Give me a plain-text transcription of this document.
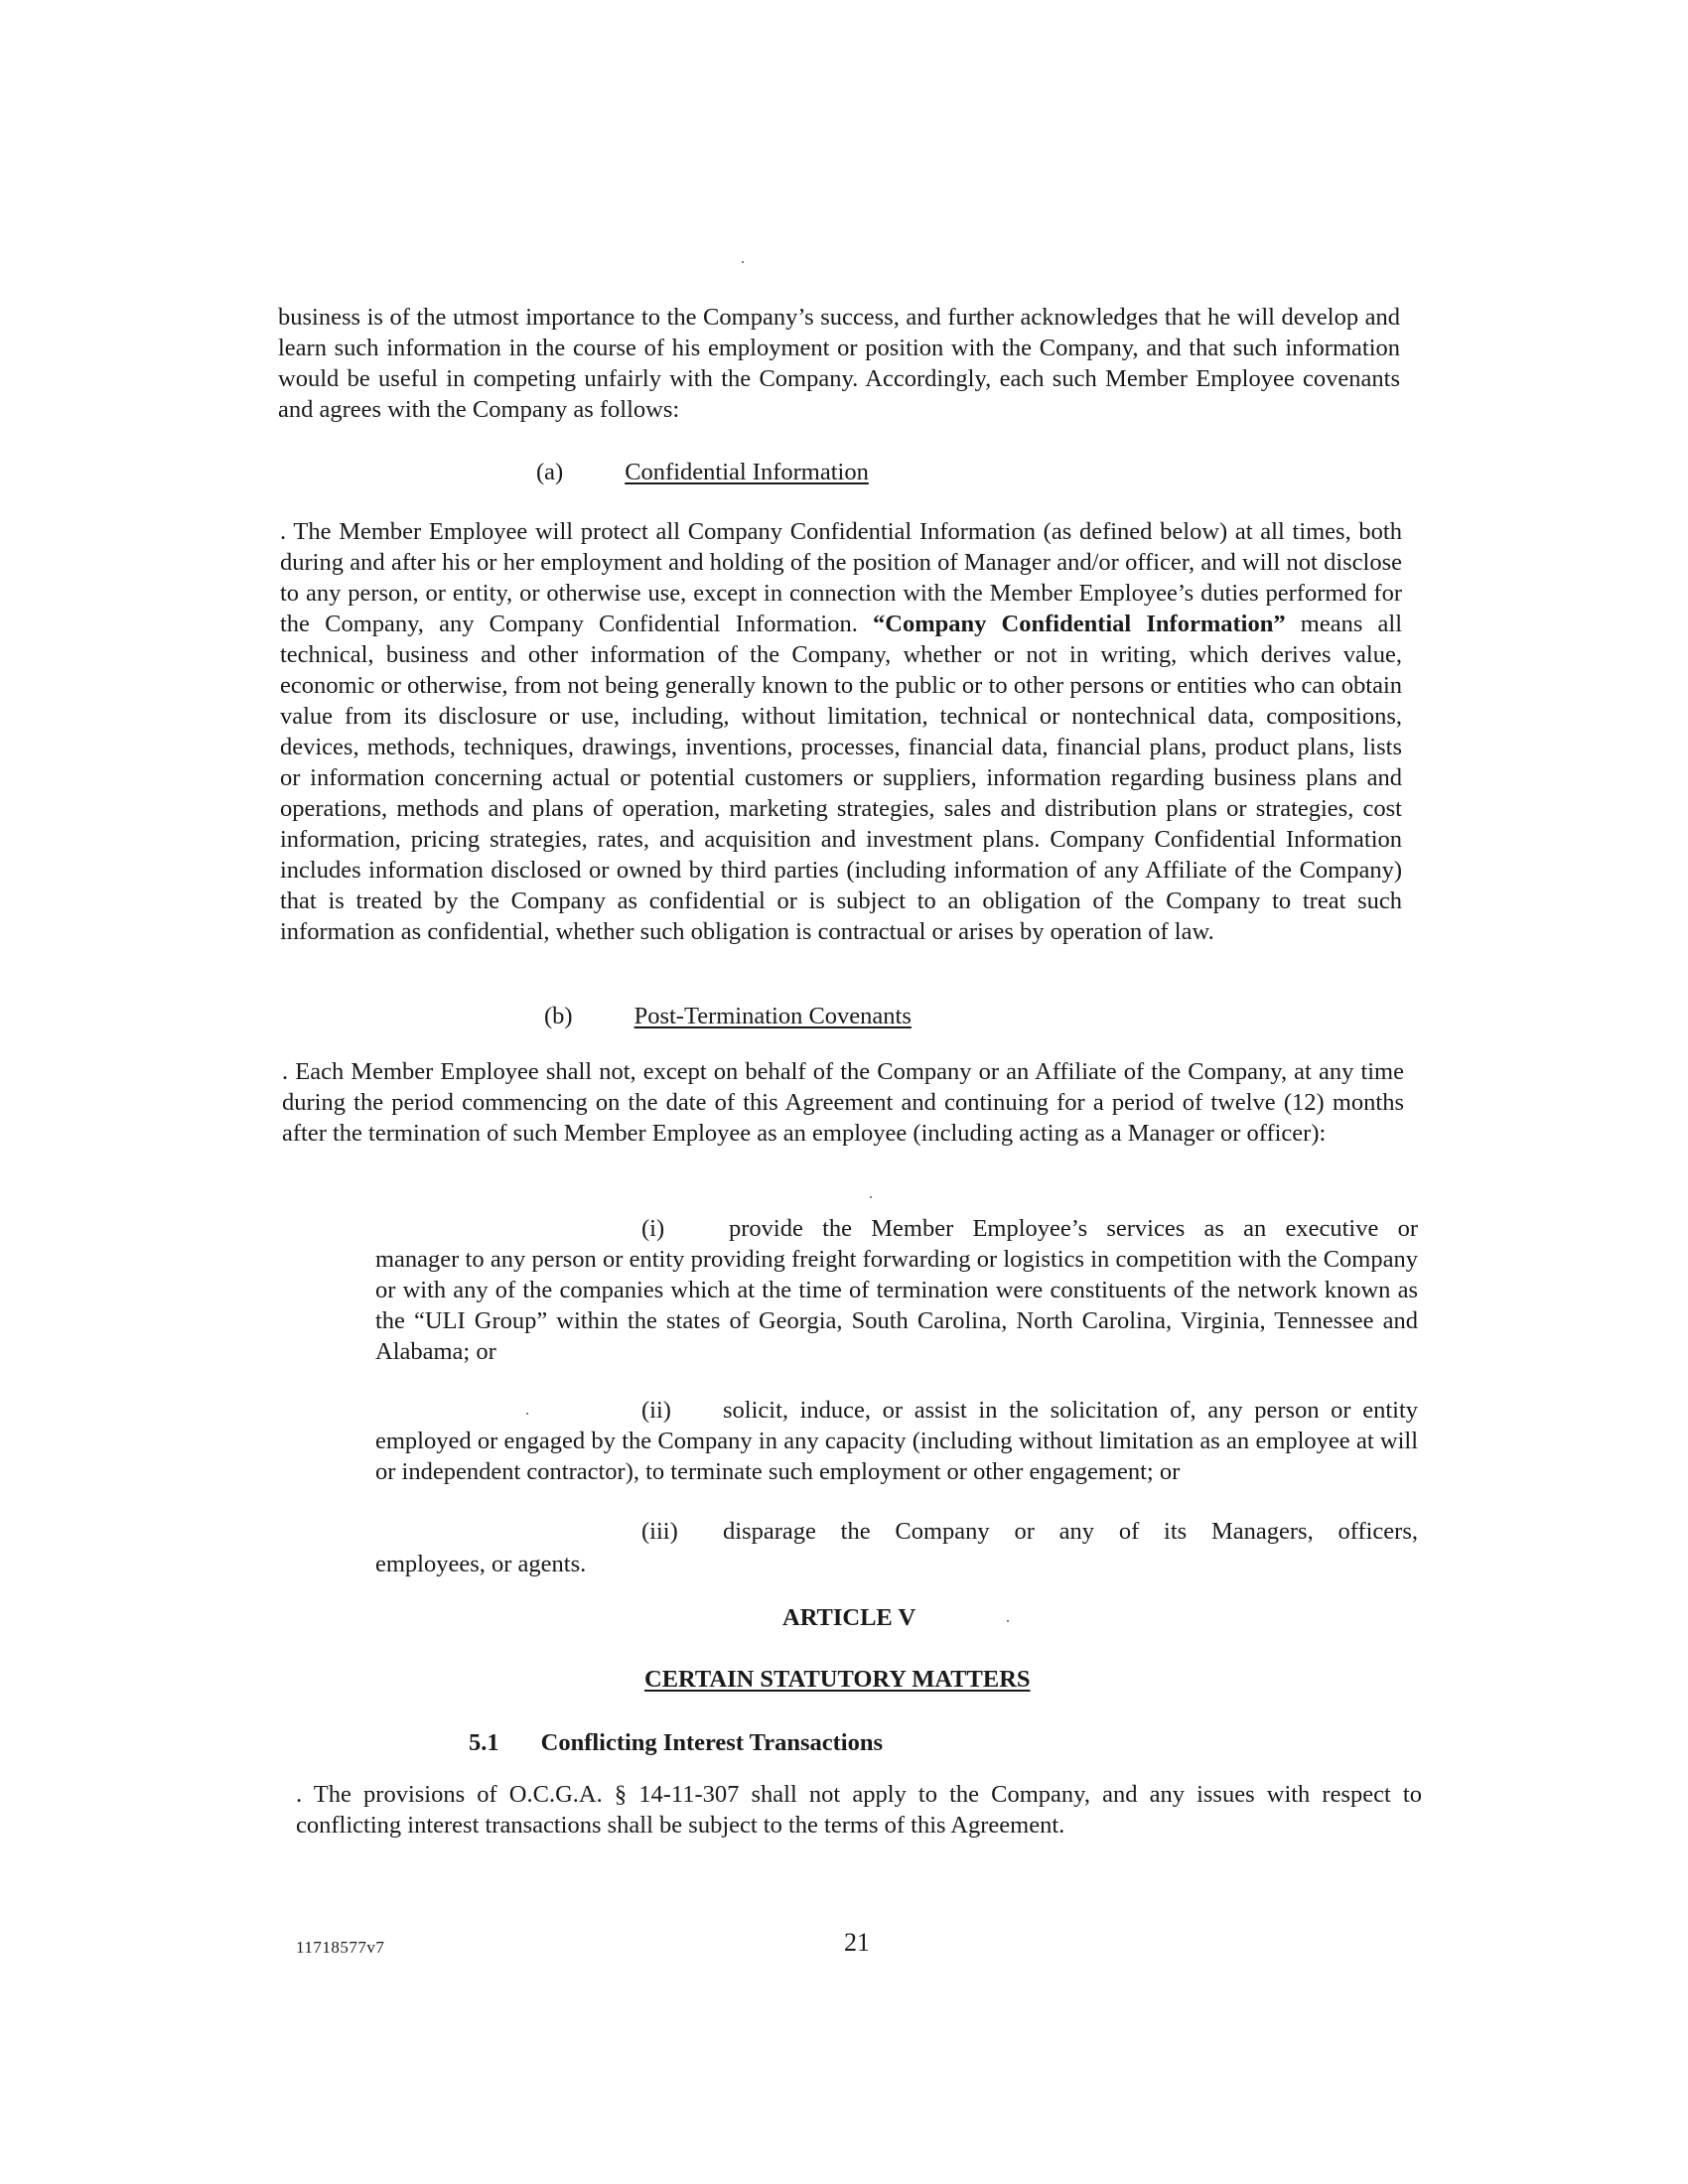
business is of the utmost importance to the Company’s success, and further acknowledges that he will develop and learn such information in the course of his employment or position with the Company, and that such information would be useful in competing unfairly with the Company. Accordingly, each such Member Employee covenants and agrees with the Company as follows:

(a)	Confidential Information

. The Member Employee will protect all Company Confidential Information (as defined below) at all times, both during and after his or her employment and holding of the position of Manager and/or officer, and will not disclose to any person, or entity, or otherwise use, except in connection with the Member Employee’s duties performed for the Company, any Company Confidential Information. “Company Confidential Information” means all technical, business and other information of the Company, whether or not in writing, which derives value, economic or otherwise, from not being generally known to the public or to other persons or entities who can obtain value from its disclosure or use, including, without limitation, technical or nontechnical data, compositions, devices, methods, techniques, drawings, inventions, processes, financial data, financial plans, product plans, lists or information concerning actual or potential customers or suppliers, information regarding business plans and operations, methods and plans of operation, marketing strategies, sales and distribution plans or strategies, cost information, pricing strategies, rates, and acquisition and investment plans. Company Confidential Information includes information disclosed or owned by third parties (including information of any Affiliate of the Company) that is treated by the Company as confidential or is subject to an obligation of the Company to treat such information as confidential, whether such obligation is contractual or arises by operation of law.

(b)	Post-Termination Covenants

. Each Member Employee shall not, except on behalf of the Company or an Affiliate of the Company, at any time during the period commencing on the date of this Agreement and continuing for a period of twelve (12) months after the termination of such Member Employee as an employee (including acting as a Manager or officer):

(i)	provide the Member Employee’s services as an executive or

manager to any person or entity providing freight forwarding or logistics in competition with the Company or with any of the companies which at the time of termination were constituents of the network known as the “ULI Group” within the states of Georgia, South Carolina, North Carolina, Virginia, Tennessee and Alabama; or

(ii)	solicit, induce, or assist in the solicitation of, any person or entity

employed or engaged by the Company in any capacity (including without limitation as an employee at will or independent contractor), to terminate such employment or other engagement; or

(iii)	disparage the Company or any of its Managers, officers,

employees, or agents.

ARTICLE V
CERTAIN STATUTORY MATTERS
5.1 Conflicting Interest Transactions

. The provisions of O.C.G.A. § 14-11-307 shall not apply to the Company, and any issues with respect to conflicting interest transactions shall be subject to the terms of this Agreement.

11718577v7	21
